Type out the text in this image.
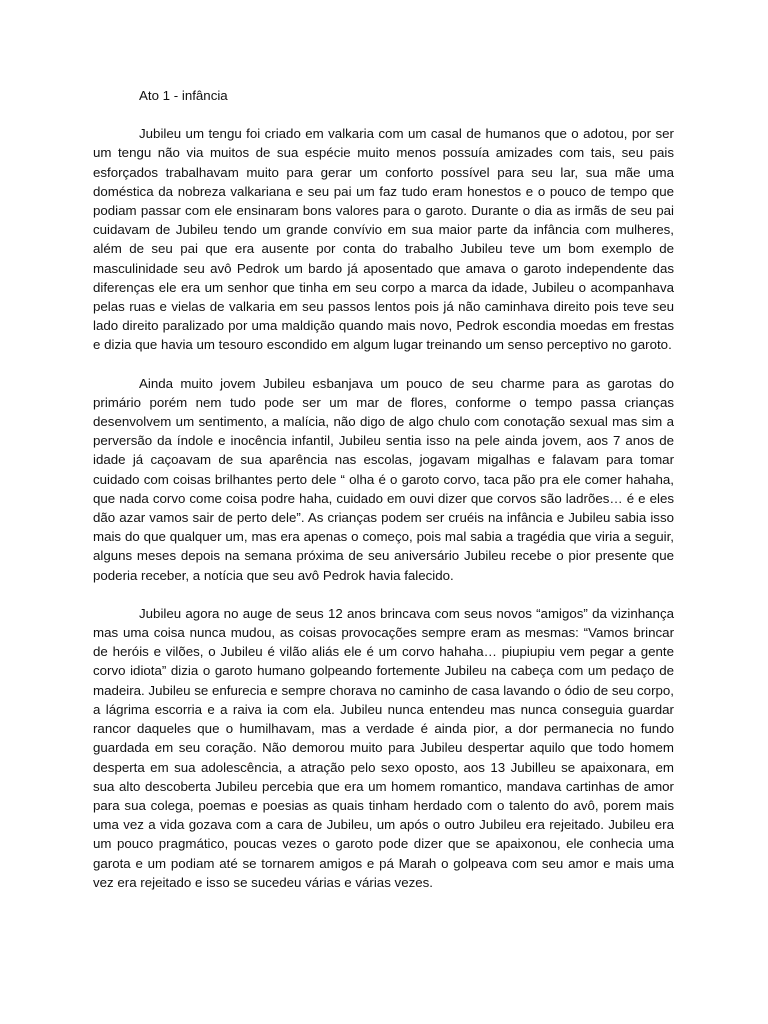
Ato 1 - infância

Jubileu um tengu foi criado em valkaria com um casal de humanos que o adotou, por ser um tengu não via muitos de sua espécie muito menos possuía amizades com tais, seu pais esforçados trabalhavam muito para gerar um conforto possível para seu lar, sua mãe uma doméstica da nobreza valkariana e seu pai um faz tudo eram honestos e o pouco de tempo que podiam passar com ele ensinaram bons valores para o garoto. Durante o dia as irmãs de seu pai cuidavam de Jubileu tendo um grande convívio em sua maior parte da infância com mulheres, além de seu pai que era ausente por conta do trabalho Jubileu teve um bom exemplo de masculinidade seu avô Pedrok um bardo já aposentado que amava o garoto independente das diferenças ele era um senhor que tinha em seu corpo a marca da idade, Jubileu o acompanhava pelas ruas e vielas de valkaria em seu passos lentos pois já não caminhava direito pois teve seu lado direito paralizado por uma maldição quando mais novo, Pedrok escondia moedas em frestas e dizia que havia um tesouro escondido em algum lugar treinando um senso perceptivo no garoto.

Ainda muito jovem Jubileu esbanjava um pouco de seu charme para as garotas do primário porém nem tudo pode ser um mar de flores, conforme o tempo passa crianças desenvolvem um sentimento, a malícia, não digo de algo chulo com conotação sexual mas sim a perversão da índole e inocência infantil, Jubileu sentia isso na pele ainda jovem, aos 7 anos de idade já caçoavam de sua aparência nas escolas, jogavam migalhas e falavam para tomar cuidado com coisas brilhantes perto dele “ olha é o garoto corvo, taca pão pra ele comer hahaha, que nada corvo come coisa podre haha, cuidado em ouvi dizer que corvos são ladrões… é e eles dão azar vamos sair de perto dele”. As crianças podem ser cruéis na infância e Jubileu sabia isso mais do que qualquer um, mas era apenas o começo, pois mal sabia a tragédia que viria a seguir, alguns meses depois na semana próxima de seu aniversário Jubileu recebe o pior presente que poderia receber, a notícia que seu avô Pedrok havia falecido.

Jubileu agora no auge de seus 12 anos brincava com seus novos “amigos” da vizinhança mas uma coisa nunca mudou, as coisas provocações sempre eram as mesmas: “Vamos brincar de heróis e vilões, o Jubileu é vilão aliás ele é um corvo hahaha… piupiupiu vem pegar a gente corvo idiota” dizia o garoto humano golpeando fortemente Jubileu na cabeça com um pedaço de madeira. Jubileu se enfurecia e sempre chorava no caminho de casa lavando o ódio de seu corpo, a lágrima escorria e a raiva ia com ela. Jubileu nunca entendeu mas nunca conseguia guardar rancor daqueles que o humilhavam, mas a verdade é ainda pior, a dor permanecia no fundo guardada em seu coração. Não demorou muito para Jubileu despertar aquilo que todo homem desperta em sua adolescência, a atração pelo sexo oposto, aos 13 Jubilleu se apaixonara, em sua alto descoberta Jubileu percebia que era um homem romantico, mandava cartinhas de amor para sua colega, poemas e poesias as quais tinham herdado com o talento do avô, porem mais uma vez a vida gozava com a cara de Jubileu, um após o outro Jubileu era rejeitado. Jubileu era um pouco pragmático, poucas vezes o garoto pode dizer que se apaixonou, ele conhecia uma garota e um podiam até se tornarem amigos e pá Marah o golpeava com seu amor e mais uma vez era rejeitado e isso se sucedeu várias e várias vezes.
